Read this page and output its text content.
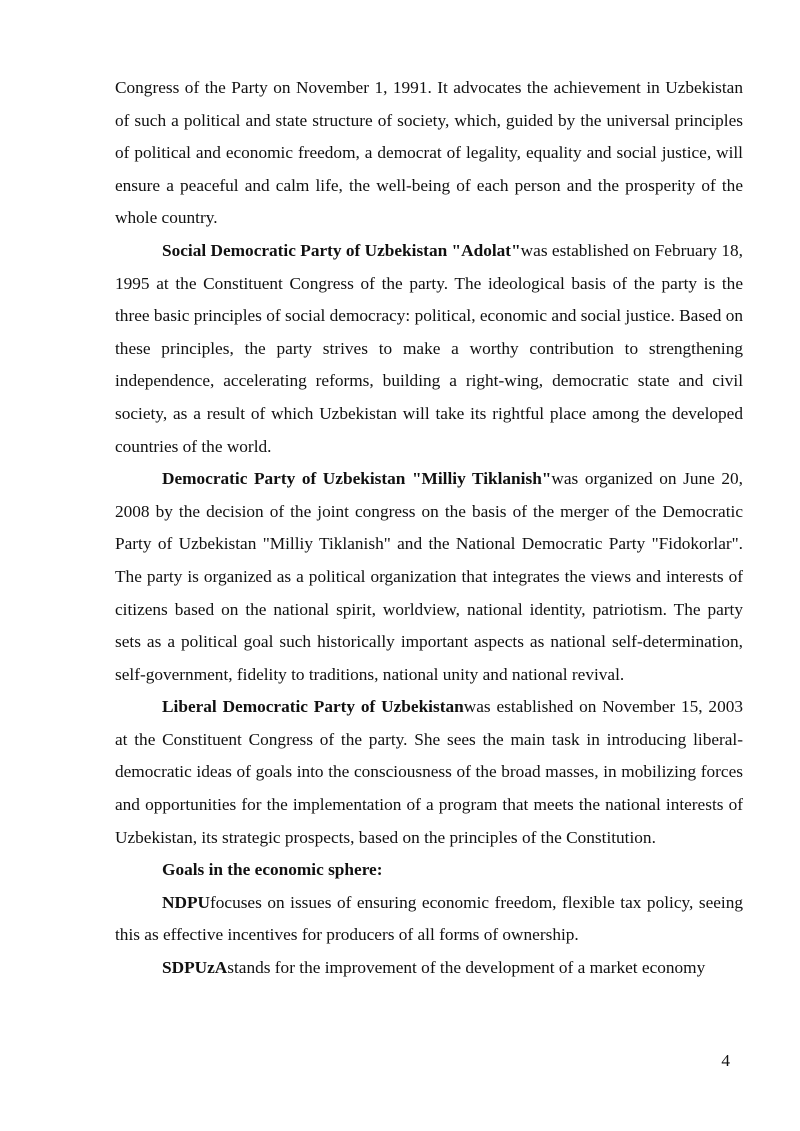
Congress of the Party on November 1, 1991. It advocates the achievement in Uzbekistan of such a political and state structure of society, which, guided by the universal principles of political and economic freedom, a democrat of legality, equality and social justice, will ensure a peaceful and calm life, the well-being of each person and the prosperity of the whole country.

Social Democratic Party of Uzbekistan "Adolat"was established on February 18, 1995 at the Constituent Congress of the party. The ideological basis of the party is the three basic principles of social democracy: political, economic and social justice. Based on these principles, the party strives to make a worthy contribution to strengthening independence, accelerating reforms, building a right-wing, democratic state and civil society, as a result of which Uzbekistan will take its rightful place among the developed countries of the world.

Democratic Party of Uzbekistan "Milliy Tiklanish"was organized on June 20, 2008 by the decision of the joint congress on the basis of the merger of the Democratic Party of Uzbekistan "Milliy Tiklanish" and the National Democratic Party "Fidokorlar". The party is organized as a political organization that integrates the views and interests of citizens based on the national spirit, worldview, national identity, patriotism. The party sets as a political goal such historically important aspects as national self-determination, self-government, fidelity to traditions, national unity and national revival.

Liberal Democratic Party of Uzbekistanwas established on November 15, 2003 at the Constituent Congress of the party. She sees the main task in introducing liberal-democratic ideas of goals into the consciousness of the broad masses, in mobilizing forces and opportunities for the implementation of a program that meets the national interests of Uzbekistan, its strategic prospects, based on the principles of the Constitution.

Goals in the economic sphere:

NDPUfocuses on issues of ensuring economic freedom, flexible tax policy, seeing this as effective incentives for producers of all forms of ownership.

SDPUzAstands for the improvement of the development of a market economy

4
